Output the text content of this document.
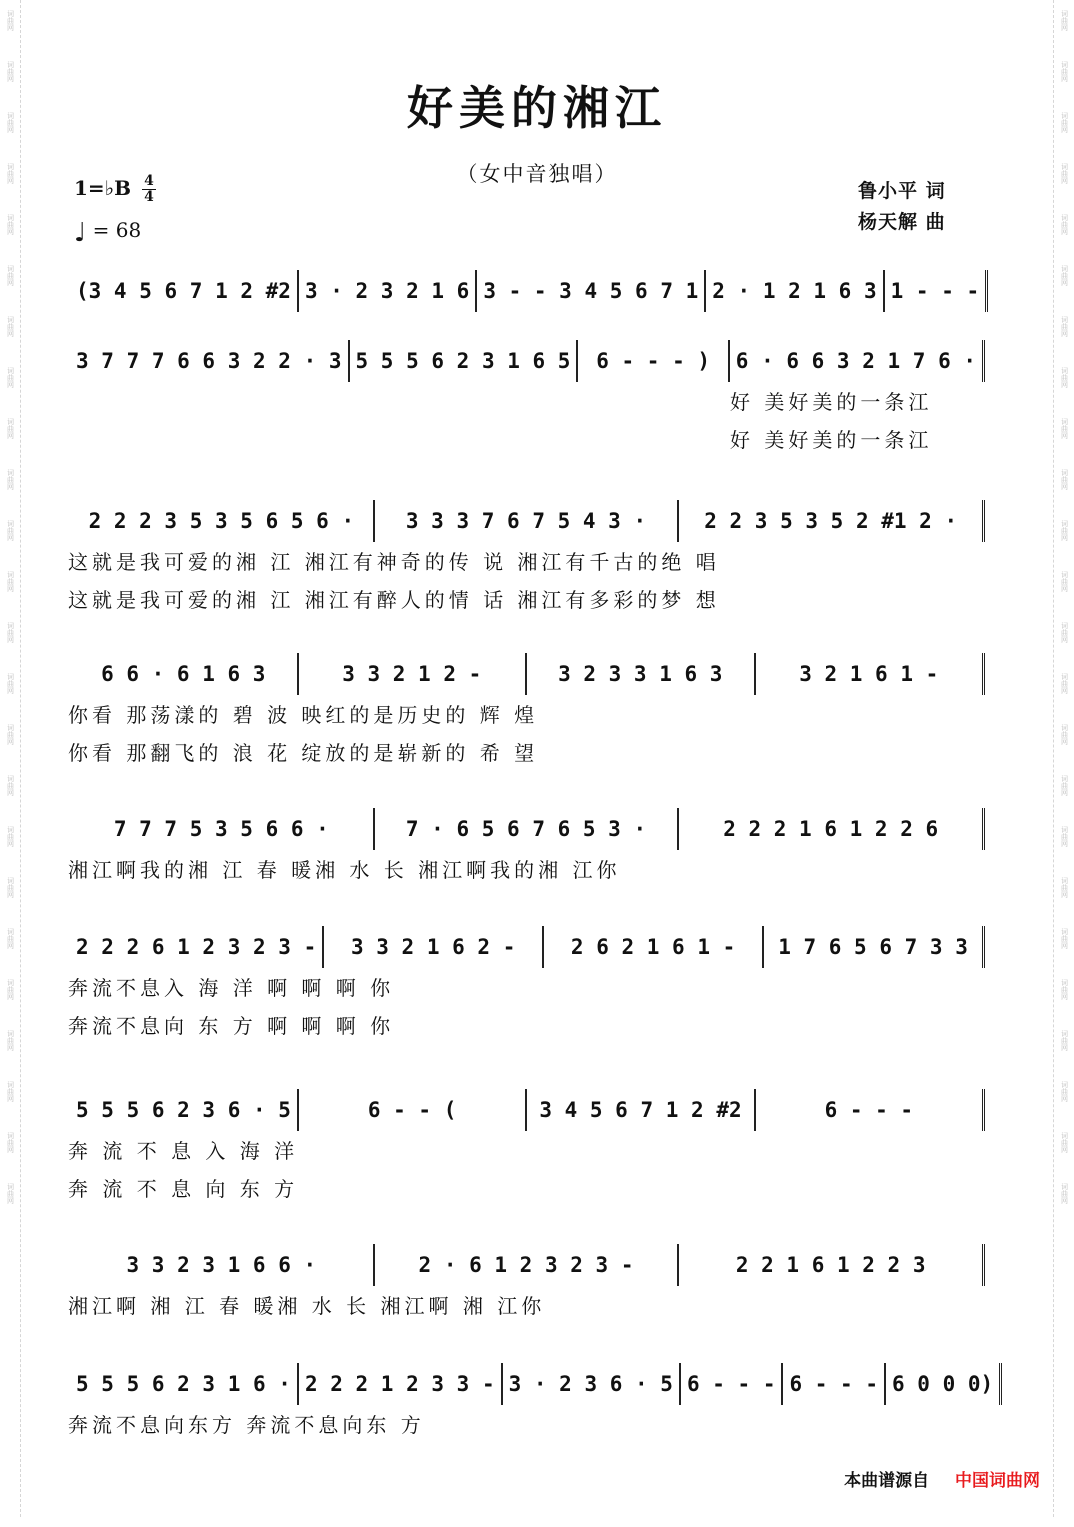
词曲网
词曲网
词曲网
词曲网
词曲网
词曲网
词曲网
词曲网
词曲网
词曲网
词曲网
词曲网
词曲网
词曲网
词曲网
词曲网
词曲网
词曲网
词曲网
词曲网
词曲网
词曲网
词曲网
词曲网
词曲网
词曲网
词曲网
词曲网
词曲网
词曲网
词曲网
词曲网
词曲网
词曲网
词曲网
词曲网
词曲网
词曲网
词曲网
词曲网
词曲网
词曲网
词曲网
词曲网
词曲网
词曲网
词曲网
词曲网
好美的湘江
（女中音独唱）
1=♭B 4
4
♩ = 68
鲁小平 词
杨天解 曲
(3 4 5 6 7 1 2 #2 3 · 2 3 2 1 6 3 - - 3 4 5 6 7 1 2 · 1 2 1 6 3 1 - - -
3 7 7 7 6 6 3 2 2 · 3 5 5 5 6 2 3 1 6 5	6 - - - )	6 · 6 6 3 2 1 7 6 ·
好 美好美的一条江
好 美好美的一条江
2 2 2 3 5 3 5 6 5 6 ·	3 3 3 7 6 7 5 4 3 ·	2 2 3 5 3 5 2 #1 2 ·
这就是我可爱的湘 江 湘江有神奇的传 说 湘江有千古的绝 唱
这就是我可爱的湘 江 湘江有醉人的情 话 湘江有多彩的梦 想
6 6 · 6 1 6 3	3 3 2 1 2 -	3 2 3 3 1 6 3	3 2 1 6 1 -
你看 那荡漾的 碧 波 映红的是历史的 辉 煌
你看 那翻飞的 浪 花 绽放的是崭新的 希 望
7 7 7 5 3 5 6 6 ·	7 · 6 5 6 7 6 5 3 ·	2 2 2 1 6 1 2 2 6
湘江啊我的湘 江 春 暖湘 水 长 湘江啊我的湘 江你
2 2 2 6 1 2 3 2 3 -	3 3 2 1 6 2 -	2 6 2 1 6 1 -	1 7 6 5 6 7 3 3
奔流不息入 海 洋 啊 啊 啊 你
奔流不息向 东 方 啊 啊 啊 你
5 5 5 6 2 3 6 · 5	6 - - (	3 4 5 6 7 1 2 #2	6 - - -
奔 流 不 息 入 海 洋
奔 流 不 息 向 东 方
3 3 2 3 1 6 6 ·	2 · 6 1 2 3 2 3 -	2 2 1 6 1 2 2 3
湘江啊 湘 江 春 暖湘 水 长 湘江啊 湘 江你
5 5 5 6 2 3 1 6 · 2 2 2 1 2 3 3 - 3 · 2 3 6 · 5 6 - - - 6 - - - 6 0 0 0)
奔流不息向东方 奔流不息向东 方
本曲谱源自 中国词曲网
